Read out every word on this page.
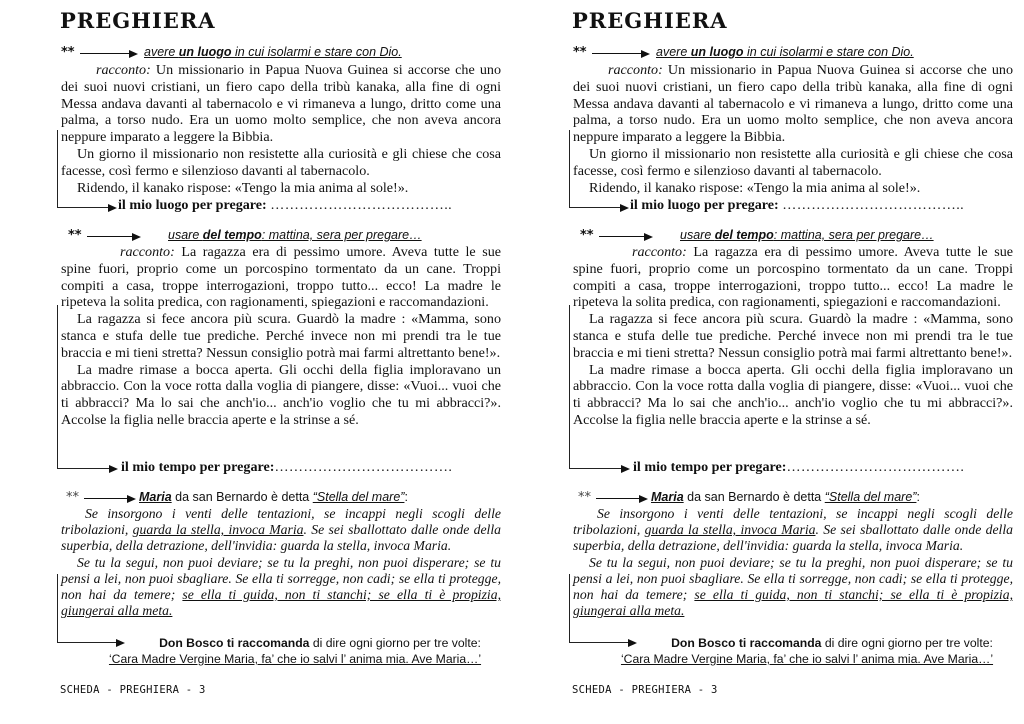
PREGHIERA
**	avere un luogo in cui isolarmi e stare con Dio.

racconto: Un missionario in Papua Nuova Guinea si accorse che uno dei suoi nuovi cristiani, un fiero capo della tribù kanaka, alla fine di ogni Messa andava davanti al tabernacolo e vi rimaneva a lungo, dritto come una palma, a torso nudo. Era un uomo molto semplice, che non aveva ancora neppure imparato a leggere la Bibbia.

Un giorno il missionario non resistette alla curiosità e gli chiese che cosa facesse, così fermo e silenzioso davanti al tabernacolo.

Ridendo, il kanako rispose: «Tengo la mia anima al sole!».

il mio luogo per pregare: ………………………………..
**	usare del tempo: mattina, sera per pregare…

racconto: La ragazza era di pessimo umore. Aveva tutte le sue spine fuori, proprio come un porcospino tormentato da un cane. Troppi compiti a casa, troppe interrogazioni, troppo tutto... ecco! La madre le ripeteva la solita predica, con ragionamenti, spiegazioni e raccomandazioni.

La ragazza si fece ancora più scura. Guardò la madre : «Mamma, sono stanca e stufa delle tue prediche. Perché invece non mi prendi tra le tue braccia e mi tieni stretta? Nessun consiglio potrà mai farmi altrettanto bene!».

La madre rimase a bocca aperta. Gli occhi della figlia imploravano un abbraccio. Con la voce rotta dalla voglia di piangere, disse: «Vuoi... vuoi che ti abbracci? Ma lo sai che anch'io... anch'io voglio che tu mi abbracci?». Accolse la figlia nelle braccia aperte e la strinse a sé.

il mio tempo per pregare:……………………………….
**	Maria da san Bernardo è detta “Stella del mare”:

Se insorgono i venti delle tentazioni, se incappi negli scogli delle tribolazioni, guarda la stella, invoca Maria. Se sei sballottato dalle onde della superbia, della detrazione, dell'invidia: guarda la stella, invoca Maria.

Se tu la segui, non puoi deviare; se tu la preghi, non puoi disperare; se tu pensi a lei, non puoi sbagliare. Se ella ti sorregge, non cadi; se ella ti protegge, non hai da temere; se ella ti guida, non ti stanchi; se ella ti è propizia, giungerai alla meta.

Don Bosco ti raccomanda di dire ogni giorno per tre volte:
‘Cara Madre Vergine Maria, fa’ che io salvi l’ anima mia. Ave Maria…’
SCHEDA - PREGHIERA - 3
PREGHIERA
**	avere un luogo in cui isolarmi e stare con Dio.

racconto: Un missionario in Papua Nuova Guinea si accorse che uno dei suoi nuovi cristiani, un fiero capo della tribù kanaka, alla fine di ogni Messa andava davanti al tabernacolo e vi rimaneva a lungo, dritto come una palma, a torso nudo. Era un uomo molto semplice, che non aveva ancora neppure imparato a leggere la Bibbia.

Un giorno il missionario non resistette alla curiosità e gli chiese che cosa facesse, così fermo e silenzioso davanti al tabernacolo.

Ridendo, il kanako rispose: «Tengo la mia anima al sole!».

il mio luogo per pregare: ………………………………..
**	usare del tempo: mattina, sera per pregare…

racconto: La ragazza era di pessimo umore. Aveva tutte le sue spine fuori, proprio come un porcospino tormentato da un cane. Troppi compiti a casa, troppe interrogazioni, troppo tutto... ecco! La madre le ripeteva la solita predica, con ragionamenti, spiegazioni e raccomandazioni.

La ragazza si fece ancora più scura. Guardò la madre : «Mamma, sono stanca e stufa delle tue prediche. Perché invece non mi prendi tra le tue braccia e mi tieni stretta? Nessun consiglio potrà mai farmi altrettanto bene!».

La madre rimase a bocca aperta. Gli occhi della figlia imploravano un abbraccio. Con la voce rotta dalla voglia di piangere, disse: «Vuoi... vuoi che ti abbracci? Ma lo sai che anch'io... anch'io voglio che tu mi abbracci?». Accolse la figlia nelle braccia aperte e la strinse a sé.

il mio tempo per pregare:……………………………….
**	Maria da san Bernardo è detta “Stella del mare”:

Se insorgono i venti delle tentazioni, se incappi negli scogli delle tribolazioni, guarda la stella, invoca Maria. Se sei sballottato dalle onde della superbia, della detrazione, dell'invidia: guarda la stella, invoca Maria.

Se tu la segui, non puoi deviare; se tu la preghi, non puoi disperare; se tu pensi a lei, non puoi sbagliare. Se ella ti sorregge, non cadi; se ella ti protegge, non hai da temere; se ella ti guida, non ti stanchi; se ella ti è propizia, giungerai alla meta.

Don Bosco ti raccomanda di dire ogni giorno per tre volte:
‘Cara Madre Vergine Maria, fa’ che io salvi l’ anima mia. Ave Maria…’
SCHEDA - PREGHIERA - 3
